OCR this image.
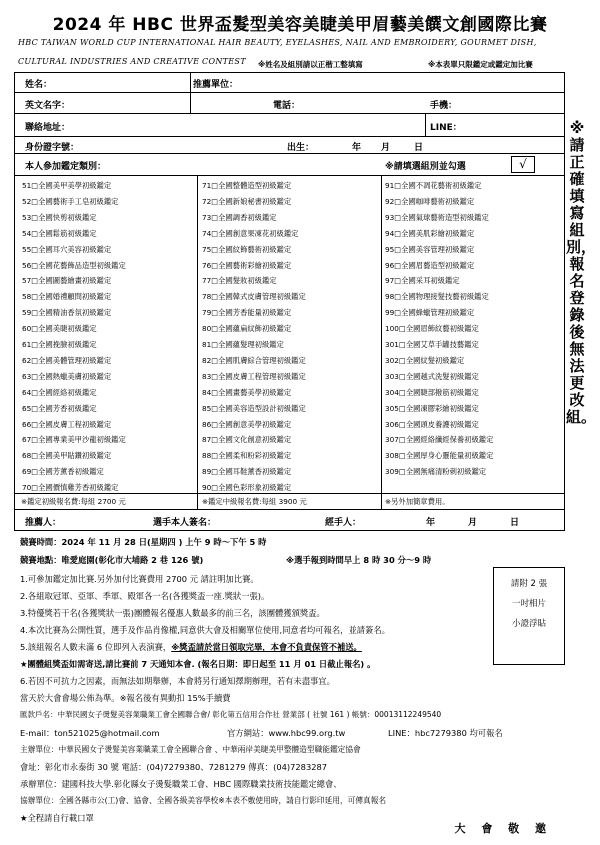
2024 年 HBC 世界盃髮型美容美睫美甲眉藝美饌文創國際比賽
HBC TAIWAN WORLD CUP INTERNATIONAL HAIR BEAUTY, EYELASHES, NAIL AND EMBROIDERY, GOURMET DISH,
CULTURAL INDUSTRIES AND CREATIVE CONTEST ※姓名及組別請以正楷工整填寫	※本表單只限鑑定或鑑定加比賽
姓名：	推薦單位：
英文名字：	電話：	手機：
聯絡地址：	LINE：
身份證字號：	出生：	年 月	日
本人參加鑑定類別：	※請填選組別並勾選	√
51□全國美甲美學初級鑑定
52□全國藝術手工皂初級鑑定
53□全國快剪初級鑑定
54□全國鬆筋初級鑑定
55□全國耳穴美容初級鑑定
56□全國花藝飾品造型初級鑑定
57□全國圖藝繪畫初級鑑定
58□全國婚禮顧問初級鑑定
59□全國精油香氛初級鑑定
60□全國美睫初級鑑定
61□全國挽臉初級鑑定
62□全國美體管理初級鑑定
63□全國熱蠟美膚初級鑑定
64□全國經絡初級鑑定
65□全國芳香初級鑑定
66□全國皮膚工程初級鑑定
67□全國專業美甲沙龍初級鑑定
68□全國美甲貼鑽初級鑑定
69□全國芳薰香初級鑑定
70□全國價慎雞芳香初級鑑定
71□全國整體造型初級鑑定
72□全國新娘秘書初級鑑定
73□全國調香初級鑑定
74□全國創意果凍花初級鑑定
75□全國紋飾藝術初級鑑定
76□全國藝術彩繪初級鑑定
77□全國髮妝初級鑑定
78□全國韓式皮膚管理初級鑑定
79□全國芳香能量初級鑑定
80□全國蘊扁紋飾初級鑑定
81□全國蘊髮理初級鑑定
82□全國肌膚綜合管理初級鑑定
83□全國皮膚工程管理初級鑑定
84□全國畫藝美學初級鑑定
85□全國美容造型設計初級鑑定
86□全國創意美學初級鑑定
87□全國文化創意初級鑑定
88□全國柔和粉彩初級鑑定
89□全國耳鞋薰香初級鑑定
90□全國色彩形象初級鑑定
91□全國不凋花藝術初級鑑定
92□全國咖啡藝術初級鑑定
93□全國氣球藝術造型初級鑑定
94□全國美肌彩繪初級鑑定
95□全國美容管理初級鑑定
96□全國眉藝造型初級鑑定
97□全國采耳初級鑑定
98□全國物理接髮技藝初級鑑定
99□全國蜂蠟管理初級鑑定
100□全國眉飾紋藝初級鑑定
301□全國艾草手罐技藝鑑定
302□全國紋髮初級鑑定
303□全國越式洗髮初級鑑定
304□全國睫部撥筋初級鑑定
305□全國凍膠彩繪初級鑑定
306□全國頭皮養護初級鑑定
307□全國經絡纖經保養初級鑑定
308□全國厚身心靈能量初級鑑定
309□全國無痛清粉刺初級鑑定
※鑑定初級報名費:每組 2700 元	※鑑定中級報名費:每組 3900 元	※另外加簡章費用。
推薦人：	選手本人簽名：	經手人：	年	月	日
※請正確填寫組別，報名登錄後無法更改組。
競賽時間：2024 年 11 月 28 日(星期四 ) 上午 9 時～下午 5 時
競賽地點：唯愛庭園(彰化市大埔路 2 巷 126 號)	※選手報到時間早上 8 時 30 分～9 時
1.可參加鑑定加比賽.另外加付比賽費用 2700 元 請註明加比賽。
2.各組取冠軍、亞軍、季軍、殿軍各一名(各獲獎盃一座.獎狀一張)。
3.特優獎若干名(各獲獎狀一張)團體報名優惠人數最多的前三名，該團體獲頒獎盃。
4.本次比賽為公開性質，選手及作品肖像權,同意供大會及相關單位使用,同意者均可報名，並請簽名。
5.該組報名人數未滿 6 位即列入表演賽，※獎盃請於當日領取完畢，本會不負責保管不補送。
★團體組獎盃如需寄送,請比賽前 7 天通知本會. (報名日期：即日起至 11 月 01 日截止報名) 。
6.若因不可抗力之因素，而無法如期舉辦，本會將另行通知擇期辦理，若有未盡事宜。
當天於大會會場公佈為準。※報名後有異動扣 15%手續費
匯款戶名：中華民國女子燙髮美容業職業工會全國聯合會/ 彰化第五信用合作社 營業部 ( 社號 161 ) 帳號：00013112249540
E-mail：ton521025@hotmail.com	官方網站：www.hbc99.org.tw	LINE：hbc7279380 均可報名
主辦單位：中華民國女子燙髮美容業職業工會全國聯合會 、中華兩岸美睫美甲整體造型職能鑑定協會
會址：彰化市永泰街 30 號 電話：(04)7279380、7281279 傳真：(04)7283287
承辦單位：建國科技大學.彰化縣女子燙髮職業工會、HBC 國際職業技術技能鑑定總會、
協辦單位：全國各縣市公(工)會、協會、全國各級美容學校※本表不敷使用時，請自行影印延用，可傳真報名
★全程請自行載口罩
請附 2 張
一吋相片
小證浮貼
大 會 敬 邀
